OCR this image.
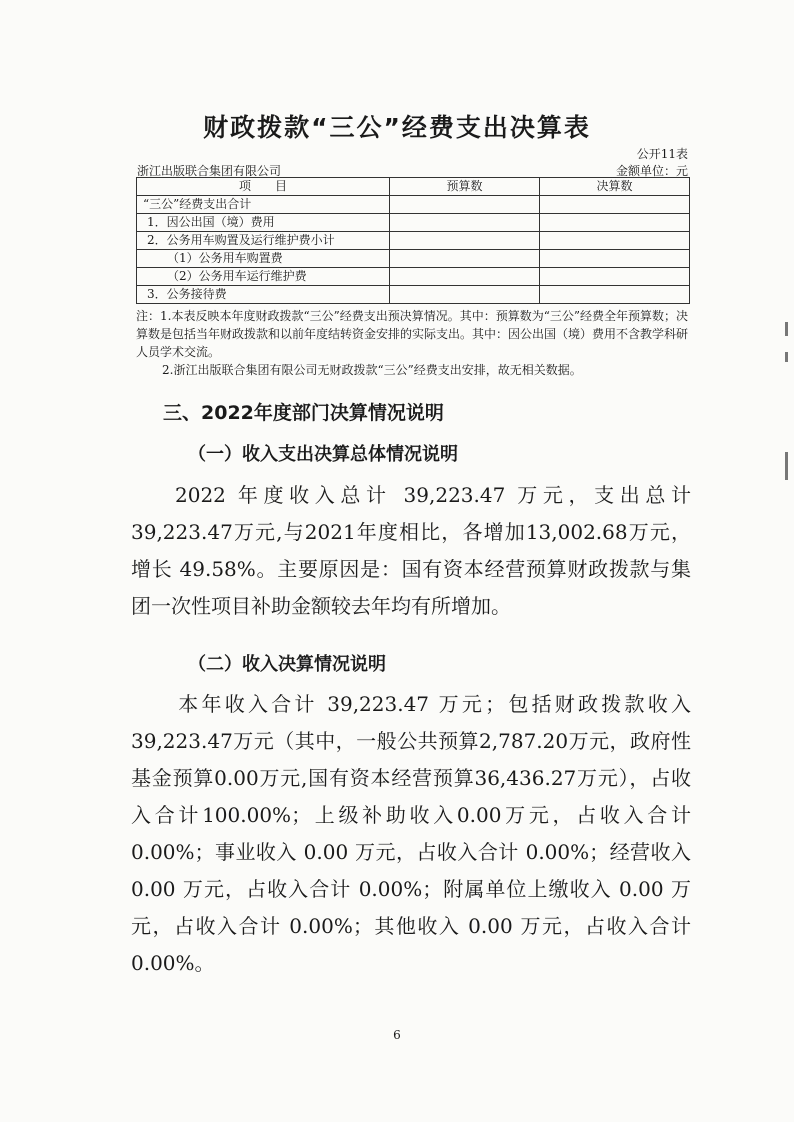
财政拨款“三公”经费支出决算表
公开11表
浙江出版联合集团有限公司	金额单位：元
项　　目	预算数	决算数
“三公”经费支出合计		
1．因公出国（境）费用		
2．公务用车购置及运行维护费小计		
（1）公务用车购置费		
（2）公务用车运行维护费		
3．公务接待费		
注：1.本表反映本年度财政拨款“三公”经费支出预决算情况。其中：预算数为“三公”经费全年预算数；决算数是包括当年财政拨款和以前年度结转资金安排的实际支出。其中：因公出国（境）费用不含教学科研人员学术交流。
2.浙江出版联合集团有限公司无财政拨款“三公”经费支出安排，故无相关数据。
三、2022年度部门决算情况说明
（一）收入支出决算总体情况说明
2022 年度收入总计 39,223.47 万元，支出总计 39,223.47万元,与2021年度相比，各增加13,002.68万元，增长 49.58%。主要原因是：国有资本经营预算财政拨款与集团一次性项目补助金额较去年均有所增加。
（二）收入决算情况说明
本年收入合计 39,223.47 万元；包括财政拨款收入39,223.47万元（其中，一般公共预算2,787.20万元，政府性基金预算0.00万元,国有资本经营预算36,436.27万元），占收入合计100.00%；上级补助收入0.00万元，占收入合计0.00%；事业收入 0.00 万元，占收入合计 0.00%；经营收入0.00 万元，占收入合计 0.00%；附属单位上缴收入 0.00 万元，占收入合计 0.00%；其他收入 0.00 万元，占收入合计0.00%。
6
